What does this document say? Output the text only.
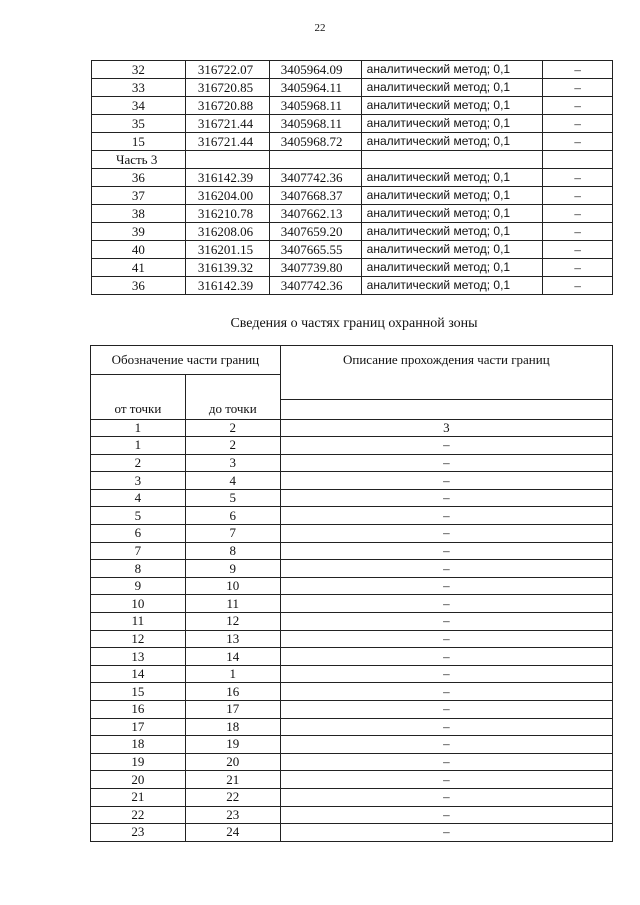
22
32	316722.07	3405964.09	аналитический метод; 0,1	–
33	316720.85	3405964.11	аналитический метод; 0,1	–
34	316720.88	3405968.11	аналитический метод; 0,1	–
35	316721.44	3405968.11	аналитический метод; 0,1	–
15	316721.44	3405968.72	аналитический метод; 0,1	–
Часть 3				
36	316142.39	3407742.36	аналитический метод; 0,1	–
37	316204.00	3407668.37	аналитический метод; 0,1	–
38	316210.78	3407662.13	аналитический метод; 0,1	–
39	316208.06	3407659.20	аналитический метод; 0,1	–
40	316201.15	3407665.55	аналитический метод; 0,1	–
41	316139.32	3407739.80	аналитический метод; 0,1	–
36	316142.39	3407742.36	аналитический метод; 0,1	–
Сведения о частях границ охранной зоны
Обозначение части границ		Описание прохождения части границ

от точки	до точки	
1	2	3
1	2	–
2	3	–
3	4	–
4	5	–
5	6	–
6	7	–
7	8	–
8	9	–
9	10	–
10	11	–
11	12	–
12	13	–
13	14	–
14	1	–
15	16	–
16	17	–
17	18	–
18	19	–
19	20	–
20	21	–
21	22	–
22	23	–
23	24	–
